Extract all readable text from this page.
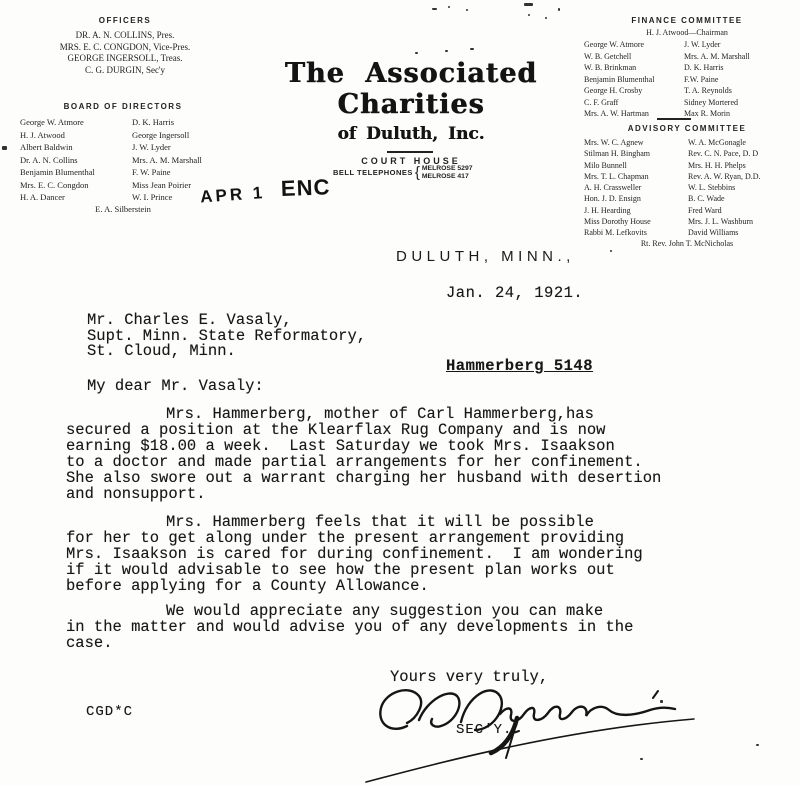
OFFICERS
DR. A. N. COLLINS, Pres.
MRS. E. C. CONGDON, Vice-Pres.
GEORGE INGERSOLL, Treas.
C. G. DURGIN, Sec'y
BOARD OF DIRECTORS
George W. Atmore	D. K. Harris
H. J. Atwood	George Ingersoll
Albert Baldwin	J. W. Lyder
Dr. A. N. Collins	Mrs. A. M. Marshall
Benjamin Blumenthal	F. W. Paine
Mrs. E. C. Congdon	Miss Jean Poirier
H. A. Dancer	W. I. Prince
E. A. Silberstein
The Associated Charities
of Duluth, Inc.
COURT HOUSE
BELL TELEPHONES { MELROSE 5297
MELROSE 417
FINANCE COMMITTEE
H. J. Atwood—Chairman
George W. Atmore	J. W. Lyder
W. B. Getchell	Mrs. A. M. Marshall
W. B. Brinkman	D. K. Harris
Benjamin Blumenthal	F.W. Paine
George H. Crosby	T. A. Reynolds
C. F. Graff	Sidney Mortered
Mrs. A. W. Hartman	Max R. Morin
ADVISORY COMMITTEE
Mrs. W. C. Agnew	W. A. McGonagle
Stilman H. Bingham	Rev. C. N. Pace, D. D
Milo Bunnell	Mrs. H. H. Phelps
Mrs. T. L. Chapman	Rev. A. W. Ryan, D.D.
A. H. Crassweller	W. L. Stebbins
Hon. J. D. Ensign	B. C. Wade
J. H. Hearding	Fred Ward
Miss Dorothy House	Mrs. J. L. Washburn
Rabbi M. Lefkovits	David Williams
Rt. Rev. John T. McNicholas
APR 1 ENC
DULUTH, MINN.,
Jan. 24, 1921.
Mr. Charles E. Vasaly,
Supt. Minn. State Reformatory,
St. Cloud, Minn.
Hammerberg 5148
My dear Mr. Vasaly:
Mrs. Hammerberg, mother of Carl Hammerberg,has
secured a position at the Klearflax Rug Company and is now
earning $18.00 a week.  Last Saturday we took Mrs. Isaakson
to a doctor and made partial arrangements for her confinement.
She also swore out a warrant charging her husband with desertion
and nonsupport.
Mrs. Hammerberg feels that it will be possible
for her to get along under the present arrangement providing
Mrs. Isaakson is cared for during confinement.  I am wondering
if it would advisable to see how the present plan works out
before applying for a County Allowance.
We would appreciate any suggestion you can make
in the matter and would advise you of any developments in the
case.
Yours very truly,
SEC'Y.
CGD*C
